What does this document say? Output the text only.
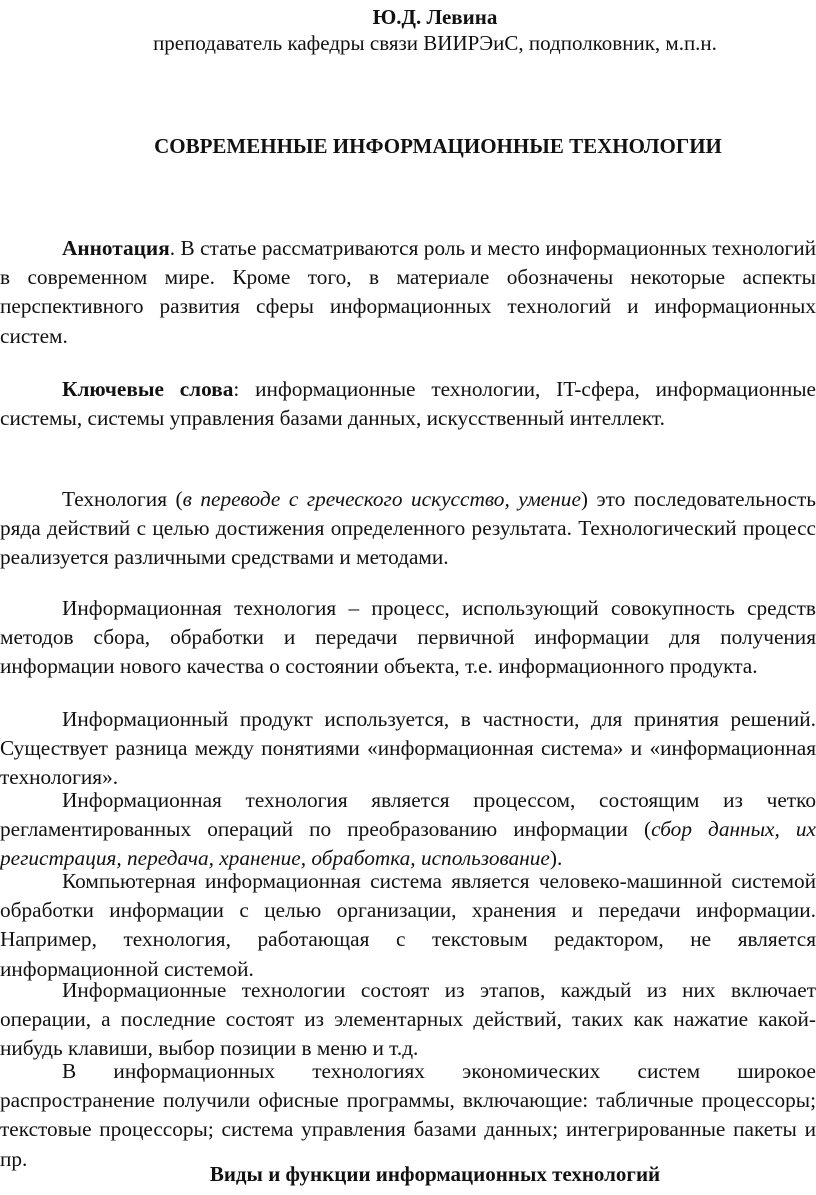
Ю.Д. Левина
преподаватель кафедры связи ВИИРЭиС, подполковник, м.п.н.
СОВРЕМЕННЫЕ ИНФОРМАЦИОННЫЕ ТЕХНОЛОГИИ
Аннотация. В статье рассматриваются роль и место информационных технологий в современном мире. Кроме того, в материале обозначены некоторые аспекты перспективного развития сферы информационных технологий и информационных систем.
Ключевые слова: информационные технологии, IT-сфера, информационные системы, системы управления базами данных, искусственный интеллект.
Технология (в переводе с греческого искусство, умение) это последовательность ряда действий с целью достижения определенного результата. Технологический процесс реализуется различными средствами и методами.
Информационная технология – процесс, использующий совокупность средств методов сбора, обработки и передачи первичной информации для получения информации нового качества о состоянии объекта, т.е. информационного продукта.
Информационный продукт используется, в частности, для принятия решений. Существует разница между понятиями «информационная система» и «информационная технология».
Информационная технология является процессом, состоящим из четко регламентированных операций по преобразованию информации (сбор данных, их регистрация, передача, хранение, обработка, использование).
Компьютерная информационная система является человеко-машинной системой обработки информации с целью организации, хранения и передачи информации. Например, технология, работающая с текстовым редактором, не является информационной системой.
Информационные технологии состоят из этапов, каждый из них включает операции, а последние состоят из элементарных действий, таких как нажатие какой-нибудь клавиши, выбор позиции в меню и т.д.
В информационных технологиях экономических систем широкое распространение получили офисные программы, включающие: табличные процессоры; текстовые процессоры; система управления базами данных; интегрированные пакеты и пр.
Виды и функции информационных технологий
